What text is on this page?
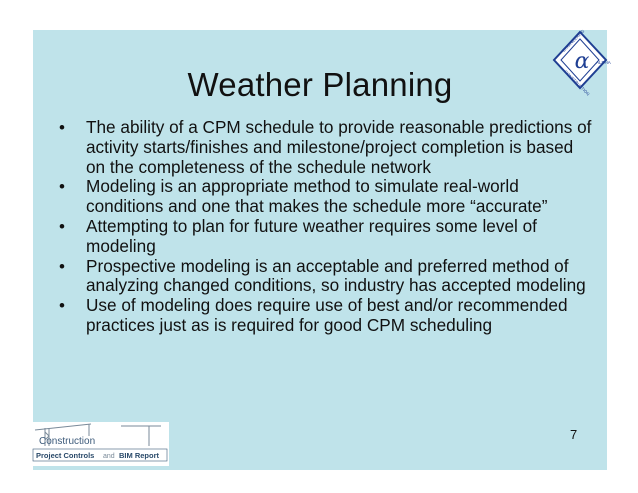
α ALPHA
ENGINEERING
CONSTRUCTION
Weather Planning
• The ability of a CPM schedule to provide reasonable predictions of activity starts/finishes and milestone/project completion is based on the completeness of the schedule network
• Modeling is an appropriate method to simulate real-world conditions and one that makes the schedule more “accurate”
• Attempting to plan for future weather requires some level of modeling
• Prospective modeling is an acceptable and preferred method of analyzing changed conditions, so industry has accepted modeling
• Use of modeling does require use of best and/or recommended practices just as is required for good CPM scheduling
7
Construction
Project Controls and BIM Report
